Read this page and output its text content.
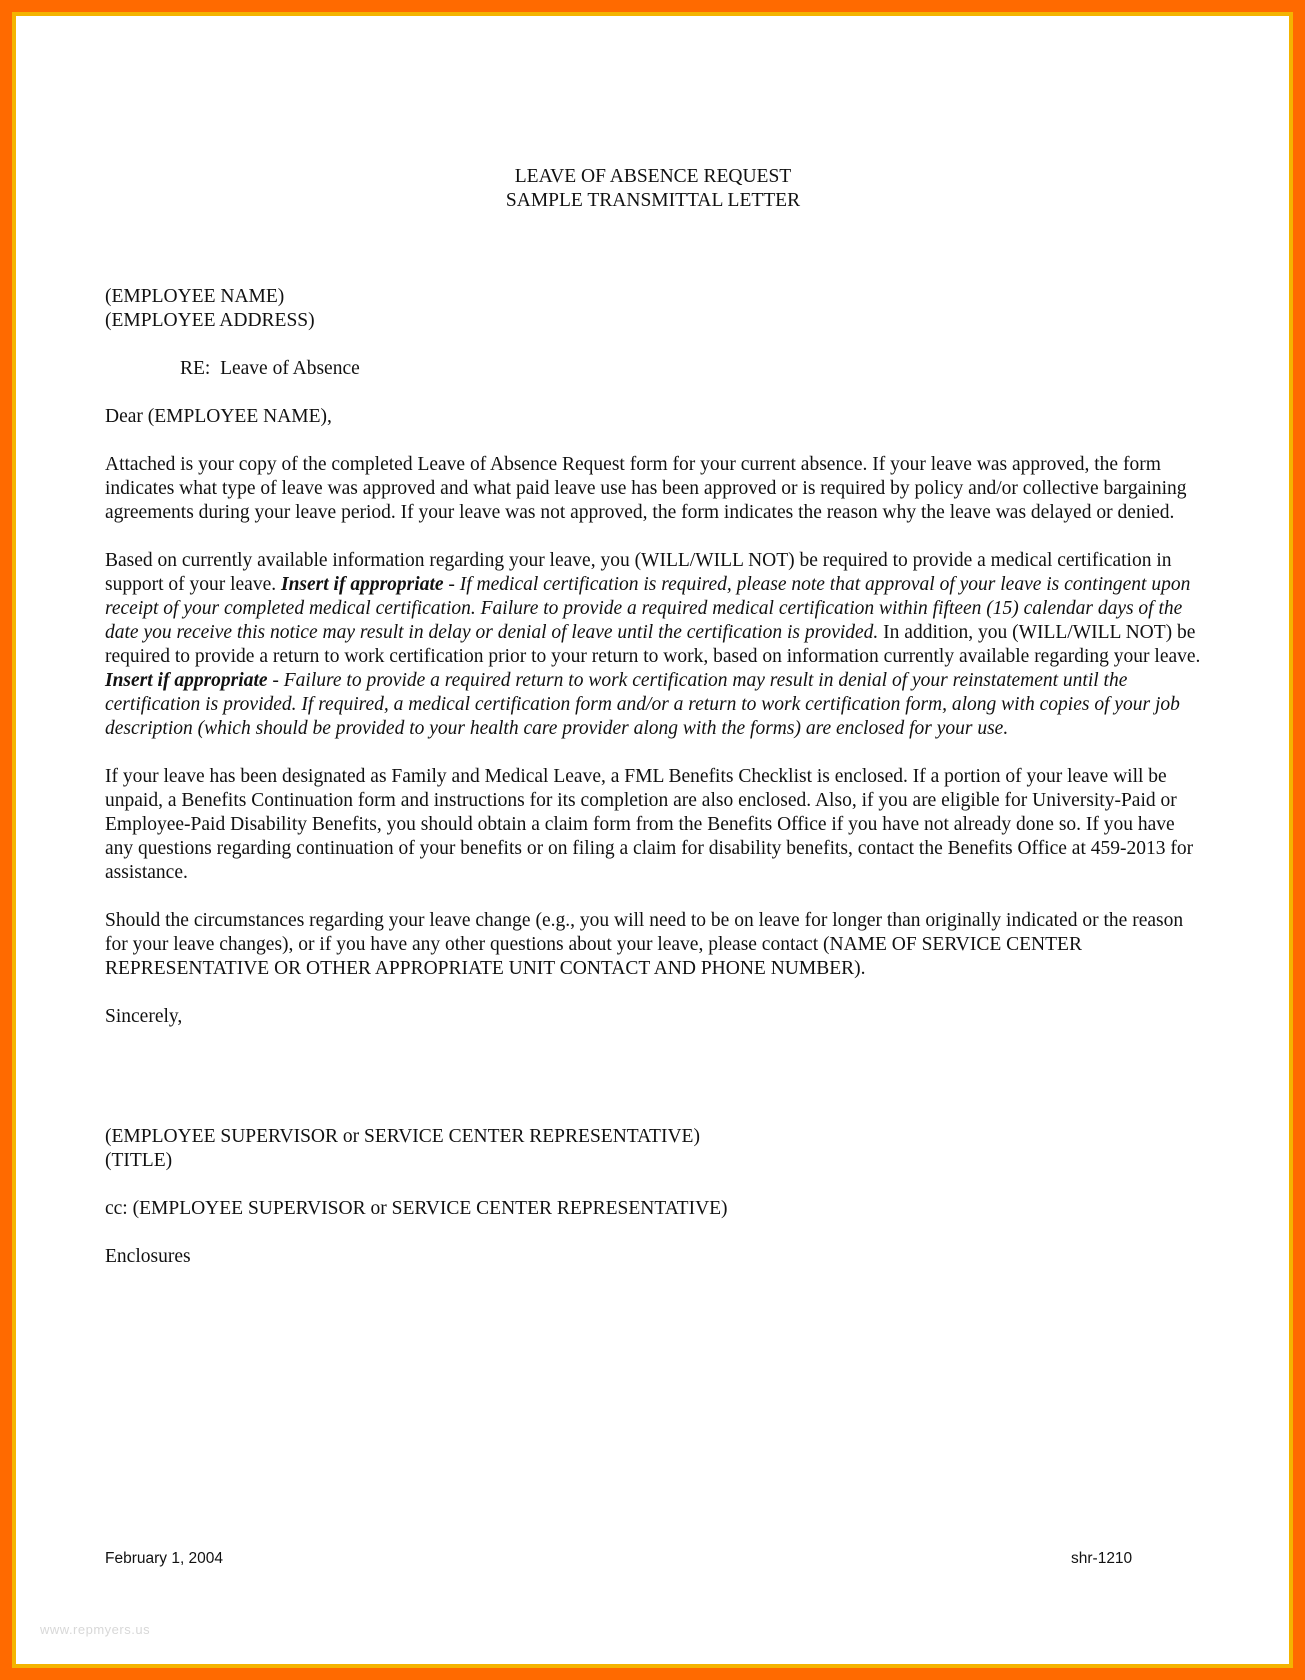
LEAVE OF ABSENCE REQUEST
SAMPLE TRANSMITTAL LETTER
(EMPLOYEE NAME)
(EMPLOYEE ADDRESS)
RE:  Leave of Absence
Dear (EMPLOYEE NAME),

Attached is your copy of the completed Leave of Absence Request form for your current absence. If your leave was approved, the form indicates what type of leave was approved and what paid leave use has been approved or is required by policy and/or collective bargaining agreements during your leave period. If your leave was not approved, the form indicates the reason why the leave was delayed or denied.

Based on currently available information regarding your leave, you (WILL/WILL NOT) be required to provide a medical certification in support of your leave. Insert if appropriate - If medical certification is required, please note that approval of your leave is contingent upon receipt of your completed medical certification. Failure to provide a required medical certification within fifteen (15) calendar days of the date you receive this notice may result in delay or denial of leave until the certification is provided. In addition, you (WILL/WILL NOT) be required to provide a return to work certification prior to your return to work, based on information currently available regarding your leave. Insert if appropriate - Failure to provide a required return to work certification may result in denial of your reinstatement until the certification is provided. If required, a medical certification form and/or a return to work certification form, along with copies of your job description (which should be provided to your health care provider along with the forms) are enclosed for your use.

If your leave has been designated as Family and Medical Leave, a FML Benefits Checklist is enclosed. If a portion of your leave will be unpaid, a Benefits Continuation form and instructions for its completion are also enclosed. Also, if you are eligible for University-Paid or Employee-Paid Disability Benefits, you should obtain a claim form from the Benefits Office if you have not already done so. If you have any questions regarding continuation of your benefits or on filing a claim for disability benefits, contact the Benefits Office at 459-2013 for assistance.

Should the circumstances regarding your leave change (e.g., you will need to be on leave for longer than originally indicated or the reason for your leave changes), or if you have any other questions about your leave, please contact (NAME OF SERVICE CENTER REPRESENTATIVE OR OTHER APPROPRIATE UNIT CONTACT AND PHONE NUMBER).

Sincerely,
(EMPLOYEE SUPERVISOR or SERVICE CENTER REPRESENTATIVE)
(TITLE)
cc: (EMPLOYEE SUPERVISOR or SERVICE CENTER REPRESENTATIVE)
Enclosures
February 1, 2004	shr-1210
www.repmyers.us
